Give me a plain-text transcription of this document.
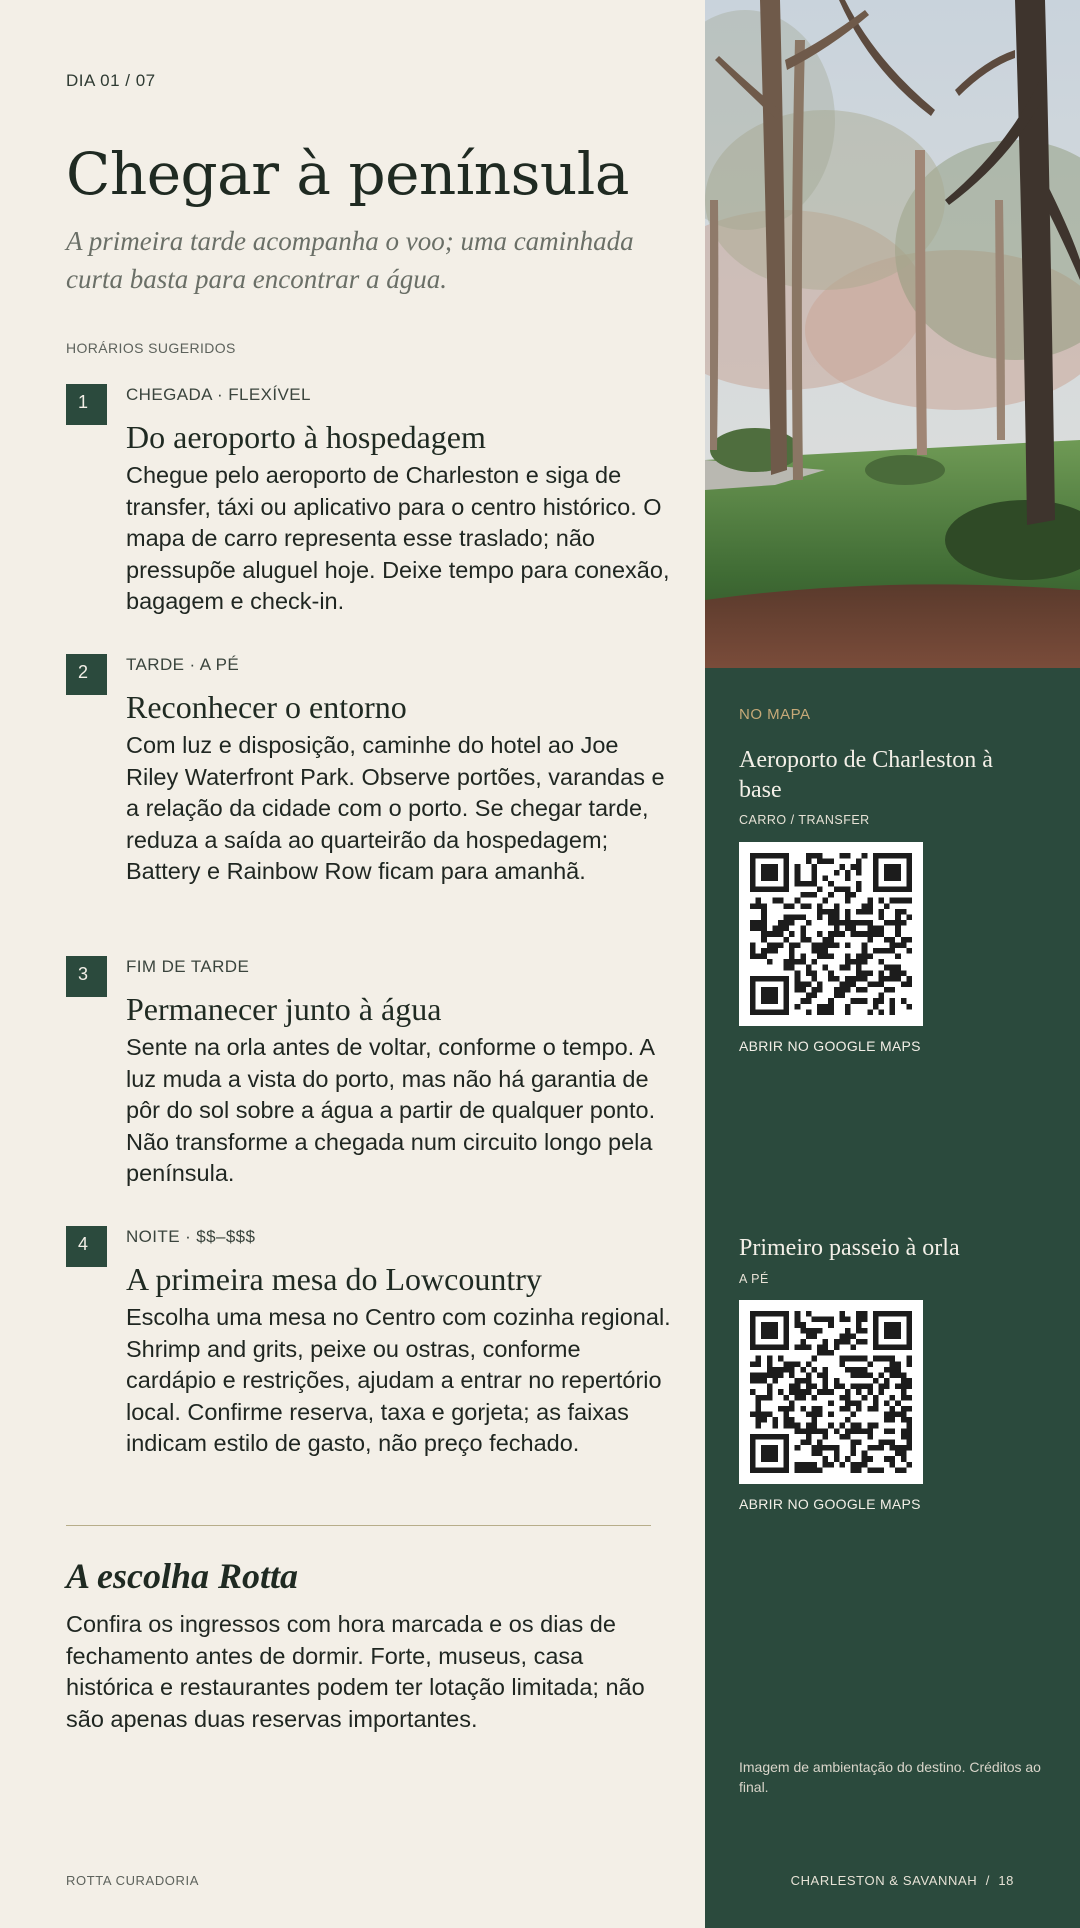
DIA 01 / 07
Chegar à península

A primeira tarde acompanha o voo; uma caminhada curta basta para encontrar a água.

HORÁRIOS SUGERIDOS
1	CHEGADA · FLEXÍVEL
Do aeroporto à hospedagem

Chegue pelo aeroporto de Charleston e siga de transfer, táxi ou aplicativo para o centro histórico. O mapa de carro representa esse traslado; não pressupõe aluguel hoje. Deixe tempo para conexão, bagagem e check-in.

2	TARDE · A PÉ
Reconhecer o entorno

Com luz e disposição, caminhe do hotel ao Joe Riley Waterfront Park. Observe portões, varandas e a relação da cidade com o porto. Se chegar tarde, reduza a saída ao quarteirão da hospedagem; Battery e Rainbow Row ficam para amanhã.

3	FIM DE TARDE
Permanecer junto à água

Sente na orla antes de voltar, conforme o tempo. A luz muda a vista do porto, mas não há garantia de pôr do sol sobre a água a partir de qualquer ponto. Não transforme a chegada num circuito longo pela península.

4	NOITE · $$–$$$
A primeira mesa do Lowcountry

Escolha uma mesa no Centro com cozinha regional. Shrimp and grits, peixe ou ostras, conforme cardápio e restrições, ajudam a entrar no repertório local. Confirme reserva, taxa e gorjeta; as faixas indicam estilo de gasto, não preço fechado.

A escolha Rotta

Confira os ingressos com hora marcada e os dias de fechamento antes de dormir. Forte, museus, casa histórica e restaurantes podem ter lotação limitada; não são apenas duas reservas importantes.

ROTTA CURADORIA
NO MAPA
Aeroporto de Charleston à base
CARRO / TRANSFER
ABRIR NO GOOGLE MAPS
Primeiro passeio à orla
A PÉ
ABRIR NO GOOGLE MAPS

Imagem de ambientação do destino. Créditos ao final.

CHARLESTON & SAVANNAH  /  18
